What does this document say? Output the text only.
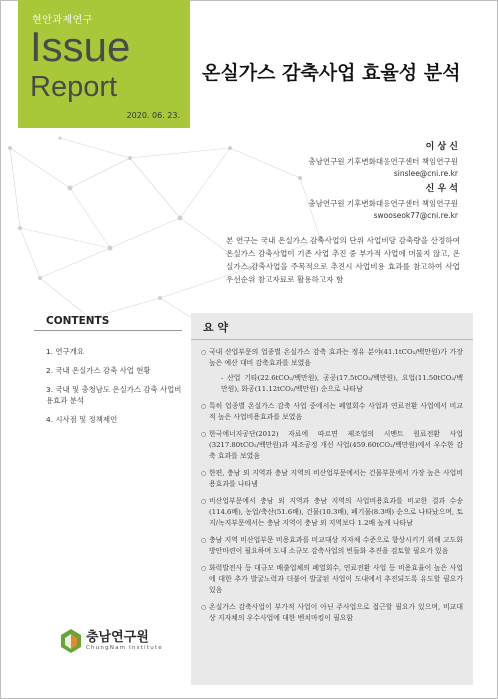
현안과제연구
Issue
Report
2020. 06. 23.
온실가스 감축사업 효율성 분석
이 상 신
충남연구원 기후변화대응연구센터 책임연구원
sinslee@cni.re.kr
신 우 석
충남연구원 기후변화대응연구센터 책임연구원
swooseok77@cni.re.kr
본 연구는 국내 온실가스 감축사업의 단위 사업비당 감축량을 산정하여 온실가스 감축사업이 기존 사업 추진 중 부가적 사업에 머물지 않고, 온실가스 감축사업을 주목적으로 추진시 사업비용 효과를 참고하여 사업 우선순위 참고자료로 활용하고자 함
CONTENTS
1. 연구개요
2. 국내 온실가스 감축 사업 현황
3. 국내 및 충청남도 온실가스 감축 사업비용효과 분석
4. 시사점 및 정책제언
충남연구원
ChungNam Institute
요 약
○ 국내 산업부문의 업종별 온실가스 감축 효과는 정유 분야(41.1tCO₂/백만원)가 가장 높은 예산 대비 감축효과를 보였음
- 산업 기타(22.6tCO₂/백만원), 공공(17.5tCO₂/백만원), 요업(11.50tCO₂/백만원), 화공(11.12tCO₂/백만원) 순으로 나타남
○ 특히 업종별 온실가스 감축 사업 중에서는 폐열회수 사업과 연료전환 사업에서 비교적 높은 사업비용효과를 보였음
○ 한국에너지공단(2012) 자료에 따르면 제조업의 시멘트 원료전환 사업(3217.80tCO₂/백만원)과 제조공정 개선 사업(459.60tCO₂/백만원)에서 우수한 감축 효과를 보였음
○ 한편, 충남 외 지역과 충남 지역의 비산업부문에서는 건물부문에서 가장 높은 사업비용효과를 나타냄
○ 비산업부문에서 충남 외 지역과 충남 지역의 사업비용효과를 비교한 결과 수송(114.6배), 농업/축산(51.6배), 건물(10.3배), 폐기물(8.3배) 순으로 나타났으며, 토지/녹지부문에서는 충남 지역이 충남 외 지역보다 1.2배 높게 나타남
○ 충남 지역 비산업부문 비용효과를 비교대상 지자체 수준으로 향상시키기 위해 고도화 방안마련이 필요하며 도내 소규모 감축사업의 번들화 추진을 검토할 필요가 있음
○ 화력발전사 등 대규모 배출업체의 폐열회수, 연료전환 사업 등 비용효율이 높은 사업에 대한 추가 발굴노력과 더불어 발굴된 사업이 도내에서 추진되도록 유도할 필요가 있음
○ 온실가스 감축사업이 부가적 사업이 아닌 주사업으로 접근할 필요가 있으며, 비교대상 지자체의 우수사업에 대한 벤치마킹이 필요함
